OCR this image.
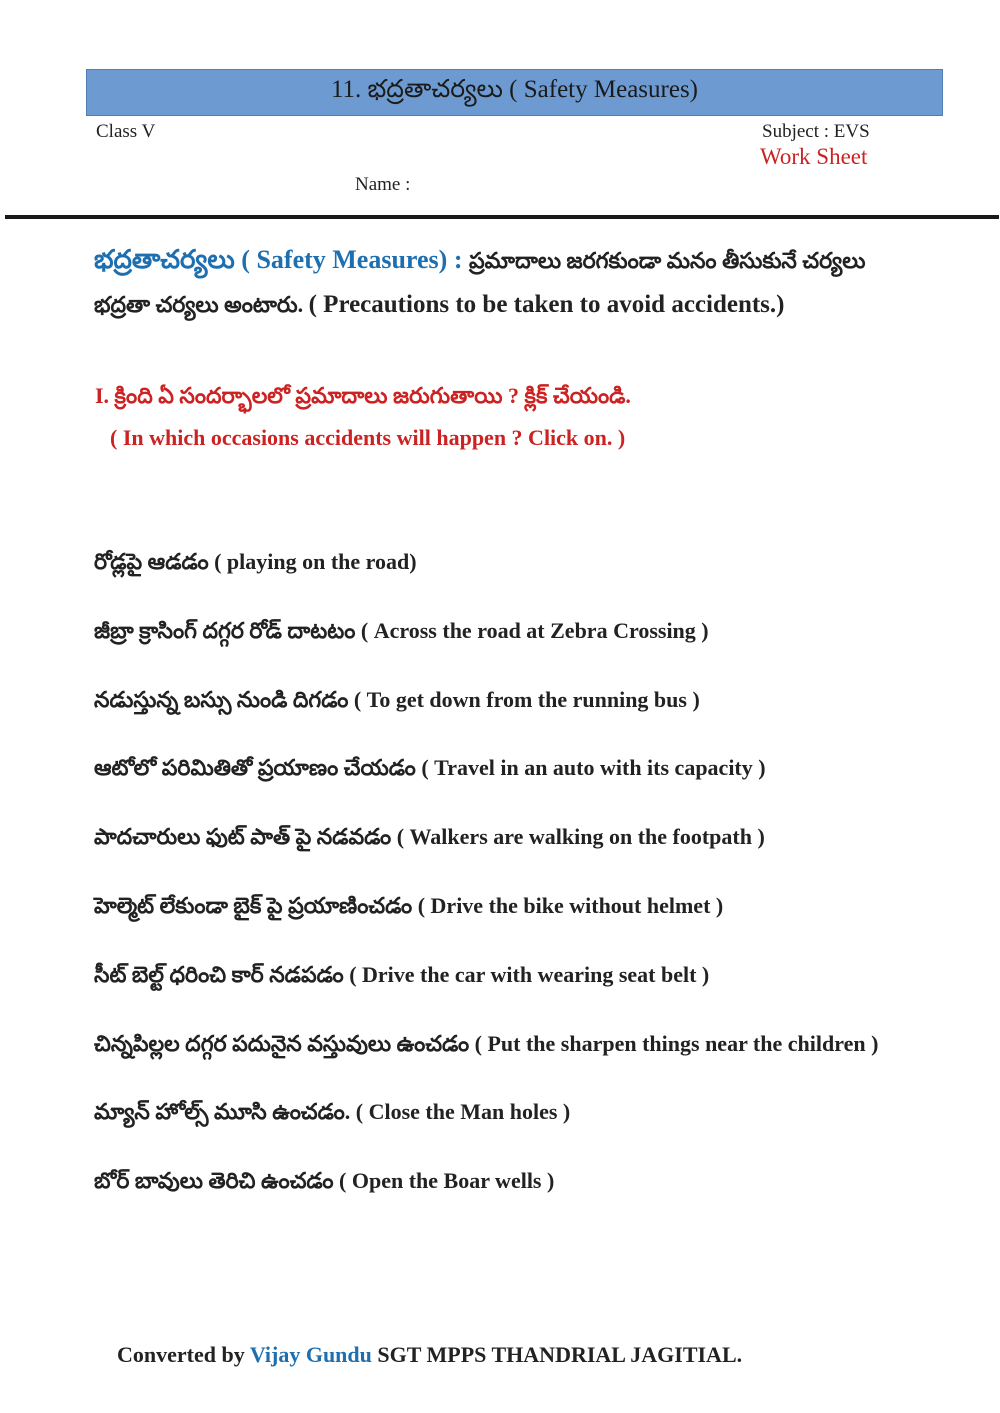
11. భద్రతాచర్యలు ( Safety Measures)
Class V	Subject : EVS
Work Sheet
Name :
భద్రతాచర్యలు ( Safety Measures) : ప్రమాదాలు జరగకుండా మనం తీసుకునే చర్యలు భద్రతా చర్యలు అంటారు. ( Precautions to be taken to avoid accidents.)
I. క్రింది ఏ సందర్భాలలో ప్రమాదాలు జరుగుతాయి ? క్లిక్ చేయండి.
( In which occasions accidents will happen ? Click on. )
రోడ్లపై ఆడడం ( playing on the road)
జీబ్రా క్రాసింగ్ దగ్గర రోడ్ దాటటం ( Across the road at Zebra Crossing )
నడుస్తున్న బస్సు నుండి దిగడం ( To get down from the running bus )
ఆటోలో పరిమితితో ప్రయాణం చేయడం ( Travel in an auto with its capacity )
పాదచారులు ఫుట్ పాత్ పై నడవడం ( Walkers are walking on the footpath )
హెల్మెట్ లేకుండా బైక్ పై ప్రయాణించడం ( Drive the bike without helmet )
సీట్ బెల్ట్ ధరించి కార్ నడపడం ( Drive the car with wearing seat belt )
చిన్నపిల్లల దగ్గర పదునైన వస్తువులు ఉంచడం ( Put the sharpen things near the children )
మ్యాన్ హోల్స్ మూసి ఉంచడం. ( Close the Man holes )
బోర్ బావులు తెరిచి ఉంచడం ( Open the Boar wells )
Converted by Vijay Gundu SGT MPPS THANDRIAL JAGITIAL.
